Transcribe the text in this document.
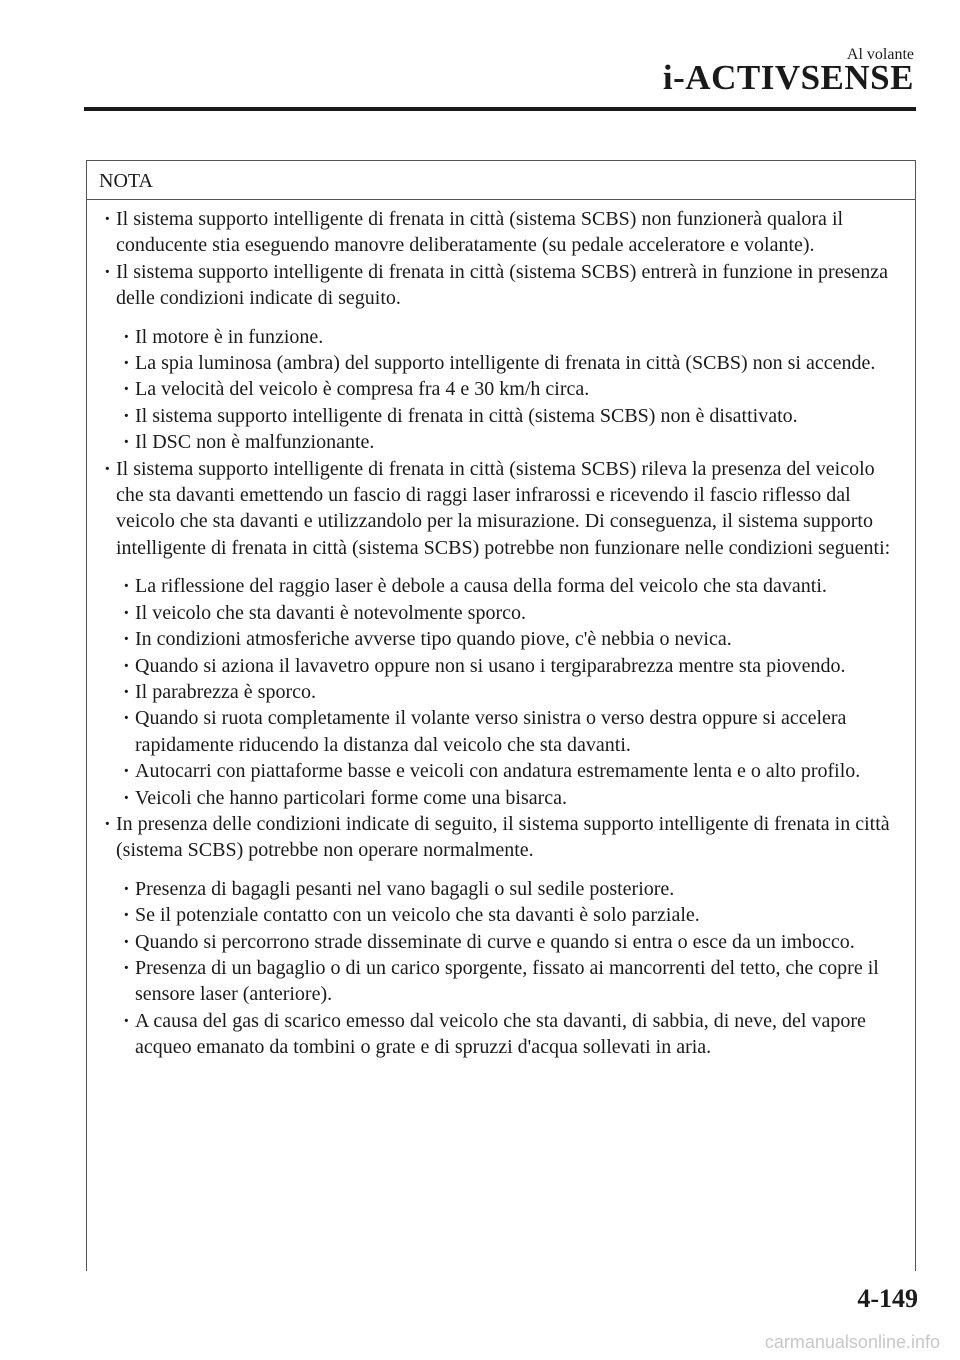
Al volante
i-ACTIVSENSE
NOTA

· Il sistema supporto intelligente di frenata in città (sistema SCBS) non funzionerà qualora il conducente stia eseguendo manovre deliberatamente (su pedale acceleratore e volante).

· Il sistema supporto intelligente di frenata in città (sistema SCBS) entrerà in funzione in presenza delle condizioni indicate di seguito.

· Il motore è in funzione.

· La spia luminosa (ambra) del supporto intelligente di frenata in città (SCBS) non si accende.

· La velocità del veicolo è compresa fra 4 e 30 km/h circa.

· Il sistema supporto intelligente di frenata in città (sistema SCBS) non è disattivato.

· Il DSC non è malfunzionante.

· Il sistema supporto intelligente di frenata in città (sistema SCBS) rileva la presenza del veicolo che sta davanti emettendo un fascio di raggi laser infrarossi e ricevendo il fascio riflesso dal veicolo che sta davanti e utilizzandolo per la misurazione. Di conseguenza, il sistema supporto intelligente di frenata in città (sistema SCBS) potrebbe non funzionare nelle condizioni seguenti:

· La riflessione del raggio laser è debole a causa della forma del veicolo che sta davanti.

· Il veicolo che sta davanti è notevolmente sporco.

· In condizioni atmosferiche avverse tipo quando piove, c'è nebbia o nevica.

· Quando si aziona il lavavetro oppure non si usano i tergiparabrezza mentre sta piovendo.

· Il parabrezza è sporco.

· Quando si ruota completamente il volante verso sinistra o verso destra oppure si accelera rapidamente riducendo la distanza dal veicolo che sta davanti.

· Autocarri con piattaforme basse e veicoli con andatura estremamente lenta e o alto profilo.

· Veicoli che hanno particolari forme come una bisarca.

· In presenza delle condizioni indicate di seguito, il sistema supporto intelligente di frenata in città (sistema SCBS) potrebbe non operare normalmente.

· Presenza di bagagli pesanti nel vano bagagli o sul sedile posteriore.

· Se il potenziale contatto con un veicolo che sta davanti è solo parziale.

· Quando si percorrono strade disseminate di curve e quando si entra o esce da un imbocco.

· Presenza di un bagaglio o di un carico sporgente, fissato ai mancorrenti del tetto, che copre il sensore laser (anteriore).

· A causa del gas di scarico emesso dal veicolo che sta davanti, di sabbia, di neve, del vapore acqueo emanato da tombini o grate e di spruzzi d'acqua sollevati in aria.

4-149
carmanualsonline.info
